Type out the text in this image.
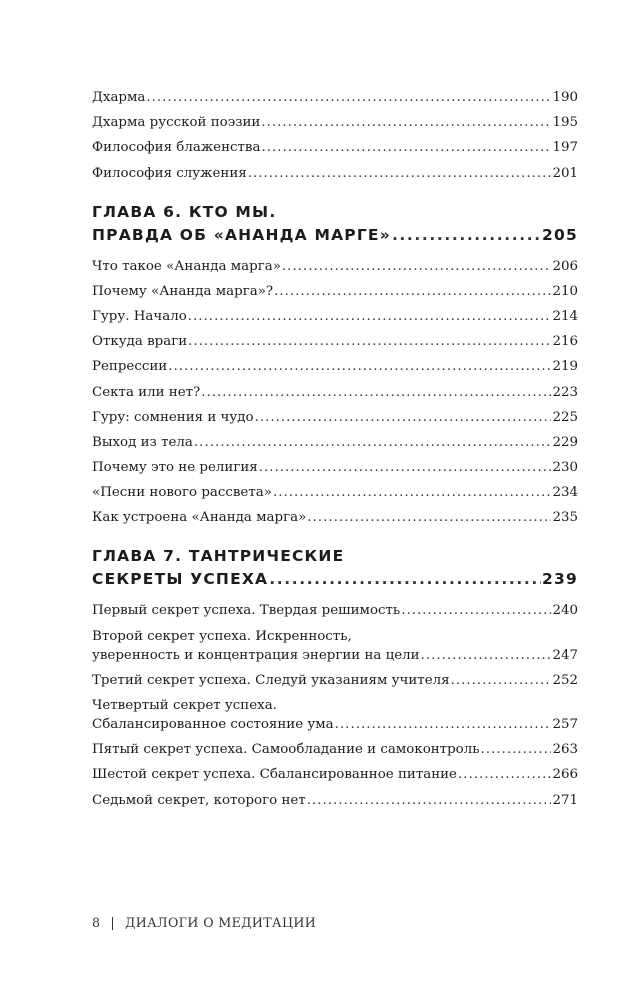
Дхарма .....	190
Дхарма русской поэзии .....	195
Философия блаженства .....	197
Философия служения .....	201
ГЛАВА 6. КТО МЫ.
ПРАВДА ОБ «АНАНДА МАРГЕ» .....	205
Что такое «Ананда марга» .....	206
Почему «Ананда марга»? .....	210
Гуру. Начало .....	214
Откуда враги .....	216
Репрессии .....	219
Секта или нет? .....	223
Гуру: сомнения и чудо .....	225
Выход из тела .....	229
Почему это не религия .....	230
«Песни нового рассвета» .....	234
Как устроена «Ананда марга» .....	235
ГЛАВА 7. ТАНТРИЧЕСКИЕ
СЕКРЕТЫ УСПЕХА .....	239
Первый секрет успеха. Твердая решимость .....	240
Второй секрет успеха. Искренность,
уверенность и концентрация энергии на цели .....	247
Третий секрет успеха. Следуй указаниям учителя .....	252
Четвертый секрет успеха.
Сбалансированное состояние ума .....	257
Пятый секрет успеха. Самообладание и самоконтроль .....	263
Шестой секрет успеха. Сбалансированное питание .....	266
Седьмой секрет, которого нет .....	271
8 | ДИАЛОГИ О МЕДИТАЦИИ
